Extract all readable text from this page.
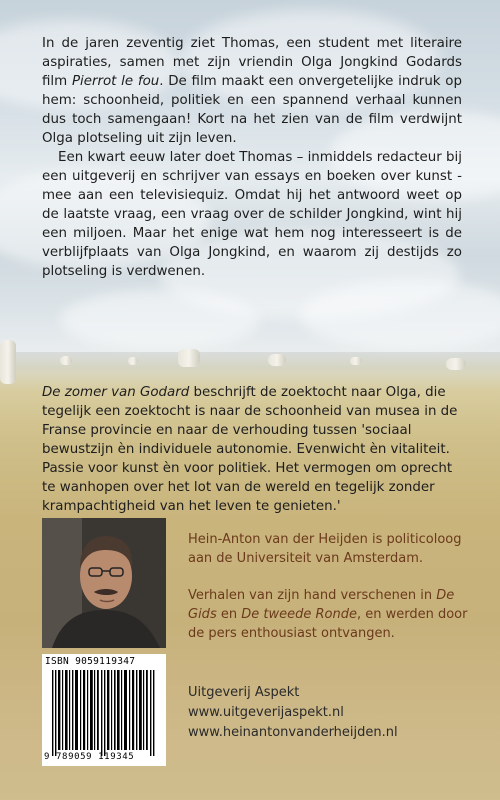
In de jaren zeventig ziet Thomas, een student met literaire aspiraties, samen met zijn vriendin Olga Jongkind Godards film Pierrot le fou. De film maakt een onvergetelijke indruk op hem: schoonheid, politiek en een spannend verhaal kunnen dus toch samengaan! Kort na het zien van de film verdwijnt Olga plotseling uit zijn leven.

Een kwart eeuw later doet Thomas – inmiddels redacteur bij een uitgeverij en schrijver van essays en boeken over kunst - mee aan een televisiequiz. Omdat hij het antwoord weet op de laatste vraag, een vraag over de schilder Jongkind, wint hij een miljoen. Maar het enige wat hem nog interesseert is de verblijfplaats van Olga Jongkind, en waarom zij destijds zo plotseling is verdwenen.

De zomer van Godard beschrijft de zoektocht naar Olga, die tegelijk een zoektocht is naar de schoonheid van musea in de Franse provincie en naar de verhouding tussen 'sociaal bewustzijn èn individuele autonomie. Evenwicht èn vitaliteit. Passie voor kunst èn voor politiek. Het vermogen om oprecht te wanhopen over het lot van de wereld en tegelijk zonder krampachtigheid van het leven te genieten.'

Hein-Anton van der Heijden is politicoloog aan de Universiteit van Amsterdam.

Verhalen van zijn hand verschenen in De Gids en De tweede Ronde, en werden door de pers enthousiast ontvangen.

ISBN 9059119347
9 789059 119345
Uitgeverij Aspekt
www.uitgeverijaspekt.nl
www.heinantonvanderheijden.nl
